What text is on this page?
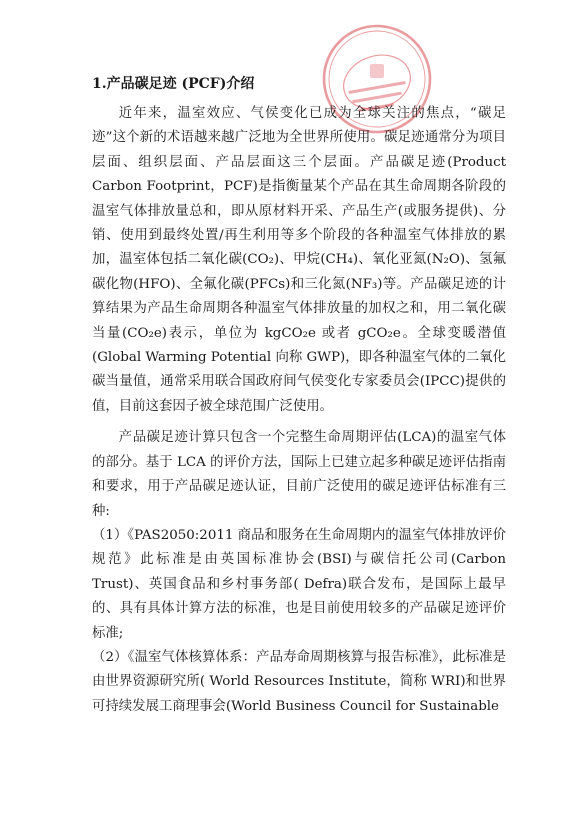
1.产品碳足迹 (PCF)介绍

近年来，温室效应、气侯变化已成为全球关注的焦点，“碳足迹”这个新的术语越来越广泛地为全世界所使用。碳足迹通常分为项目层面、组织层面、产品层面这三个层面。产品碳足迹(Product Carbon Footprint，PCF)是指衡量某个产品在其生命周期各阶段的温室气体排放量总和，即从原材料开采、产品生产(或服务提供)、分销、使用到最终处置/再生利用等多个阶段的各种温室气体排放的累加，温室体包括二氧化碳(CO₂)、甲烷(CH₄)、氧化亚氮(N₂O)、氢氟碳化物(HFO)、全氟化碳(PFCs)和三化氮(NF₃)等。产品碳足迹的计算结果为产品生命周期各种温室气体排放量的加权之和，用二氧化碳当量(CO₂e)表示，单位为 kgCO₂e 或者 gCO₂e。全球变暖潜值(Global Warming Potential 向称 GWP)，即各种温室气体的二氧化碳当量值，通常采用联合国政府间气侯变化专家委员会(IPCC)提供的值，目前这套因子被全球范围广泛使用。

产品碳足迹计算只包含一个完整生命周期评估(LCA)的温室气体的部分。基于 LCA 的评价方法，国际上已建立起多种碳足迹评估指南和要求，用于产品碳足迹认证，目前广泛使用的碳足迹评估标准有三种:

（1）《PAS2050:2011 商品和服务在生命周期内的温室气体排放评价规范》此标准是由英国标准协会(BSI)与碳信托公司(Carbon Trust)、英国食品和乡村事务部( Defra)联合发布，是国际上最早的、具有具体计算方法的标准，也是目前使用较多的产品碳足迹评价标准;

（2）《温室气体核算体系：产品寿命周期核算与报告标准》，此标准是由世界资源研究所( World Resources Institute，简称 WRI)和世界可持续发展工商理事会(World Business Council for Sustainable
